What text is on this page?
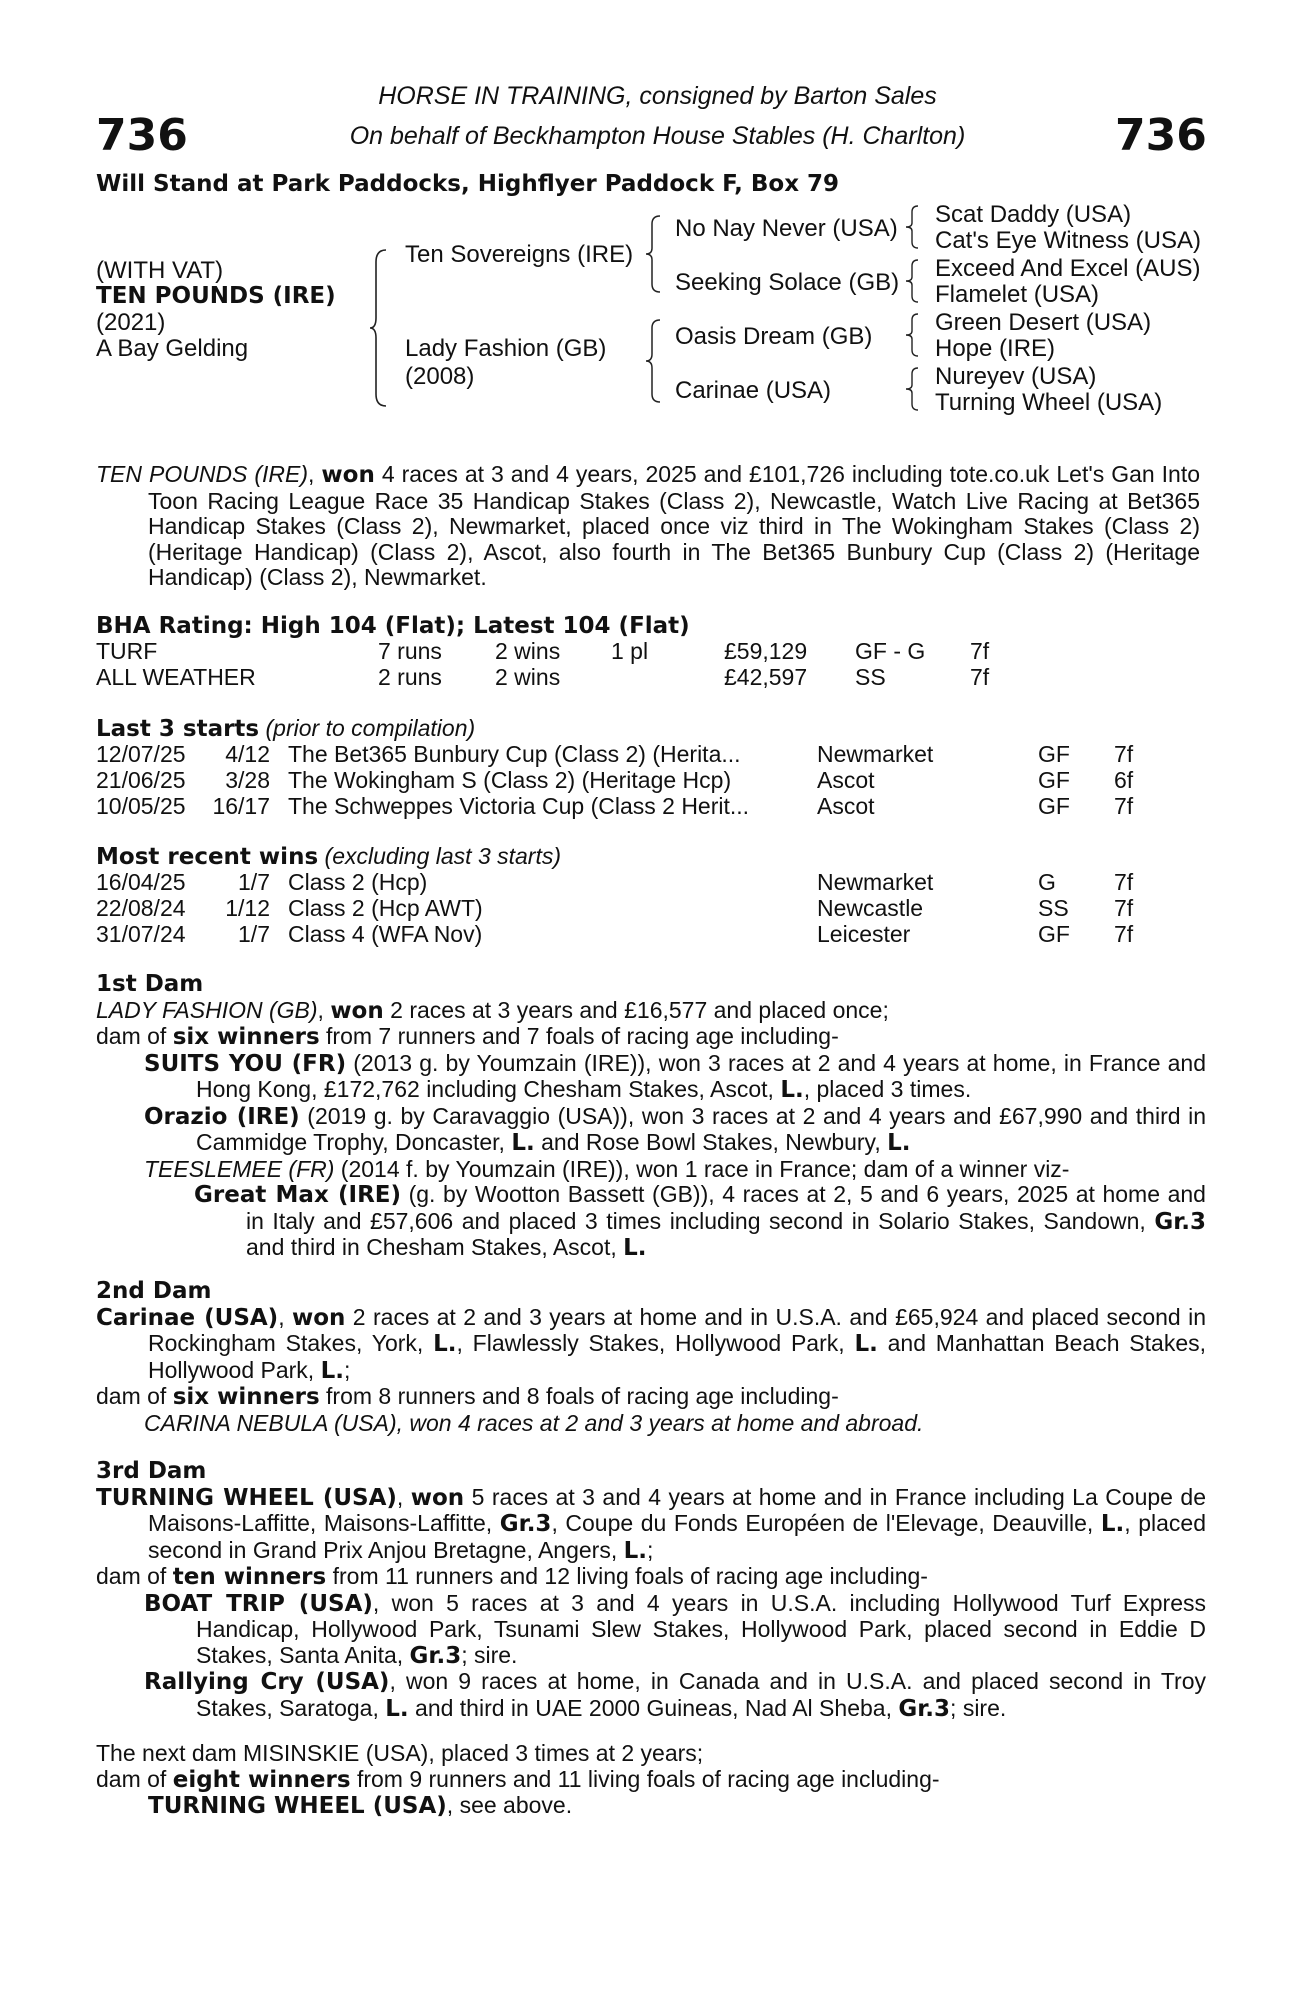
736	736
HORSE IN TRAINING, consigned by Barton Sales
On behalf of Beckhampton House Stables (H. Charlton)
Will Stand at Park Paddocks, Highflyer Paddock F, Box 79
(WITH VAT)
TEN POUNDS (IRE)
(2021)
A Bay Gelding
Ten Sovereigns (IRE)
Lady Fashion (GB)
(2008)
No Nay Never (USA)
Seeking Solace (GB)
Oasis Dream (GB)
Carinae (USA)
Scat Daddy (USA)
Cat's Eye Witness (USA)
Exceed And Excel (AUS)
Flamelet (USA)
Green Desert (USA)
Hope (IRE)
Nureyev (USA)
Turning Wheel (USA)

TEN POUNDS (IRE), won 4 races at 3 and 4 years, 2025 and £101,726 including tote.co.uk Let's Gan Into Toon Racing League Race 35 Handicap Stakes (Class 2), Newcastle, Watch Live Racing at Bet365 Handicap Stakes (Class 2), Newmarket, placed once viz third in The Wokingham Stakes (Class 2) (Heritage Handicap) (Class 2), Ascot, also fourth in The Bet365 Bunbury Cup (Class 2) (Heritage Handicap) (Class 2), Newmarket.

BHA Rating: High 104 (Flat); Latest 104 (Flat)
TURF	7 runs 2 wins 1 pl	£59,129 GF - G 7f
ALL WEATHER	2 runs 2 wins	£42,597 SS	7f
Last 3 starts (prior to compilation)
12/07/25	4/12 The Bet365 Bunbury Cup (Class 2) (Herita...	Newmarket	GF 7f
21/06/25	3/28 The Wokingham S (Class 2) (Heritage Hcp)	Ascot	GF 6f
10/05/25 16/17 The Schweppes Victoria Cup (Class 2 Herit...	Ascot	GF 7f
Most recent wins (excluding last 3 starts)
16/04/25	1/7 Class 2 (Hcp)	Newmarket	G	7f
22/08/24	1/12 Class 2 (Hcp AWT)	Newcastle	SS 7f
31/07/24	1/7 Class 4 (WFA Nov)	Leicester	GF 7f

1st Dam

LADY FASHION (GB), won 2 races at 3 years and £16,577 and placed once;

dam of six winners from 7 runners and 7 foals of racing age including-

SUITS YOU (FR) (2013 g. by Youmzain (IRE)), won 3 races at 2 and 4 years at home, in France and Hong Kong, £172,762 including Chesham Stakes, Ascot, L., placed 3 times.

Orazio (IRE) (2019 g. by Caravaggio (USA)), won 3 races at 2 and 4 years and £67,990 and third in Cammidge Trophy, Doncaster, L. and Rose Bowl Stakes, Newbury, L.

TEESLEMEE (FR) (2014 f. by Youmzain (IRE)), won 1 race in France; dam of a winner viz-

Great Max (IRE) (g. by Wootton Bassett (GB)), 4 races at 2, 5 and 6 years, 2025 at home and in Italy and £57,606 and placed 3 times including second in Solario Stakes, Sandown, Gr.3 and third in Chesham Stakes, Ascot, L.

2nd Dam

Carinae (USA), won 2 races at 2 and 3 years at home and in U.S.A. and £65,924 and placed second in Rockingham Stakes, York, L., Flawlessly Stakes, Hollywood Park, L. and Manhattan Beach Stakes, Hollywood Park, L.;

dam of six winners from 8 runners and 8 foals of racing age including-

CARINA NEBULA (USA), won 4 races at 2 and 3 years at home and abroad.

3rd Dam

TURNING WHEEL (USA), won 5 races at 3 and 4 years at home and in France including La Coupe de Maisons-Laffitte, Maisons-Laffitte, Gr.3, Coupe du Fonds Européen de l'Elevage, Deauville, L., placed second in Grand Prix Anjou Bretagne, Angers, L.;

dam of ten winners from 11 runners and 12 living foals of racing age including-

BOAT TRIP (USA), won 5 races at 3 and 4 years in U.S.A. including Hollywood Turf Express Handicap, Hollywood Park, Tsunami Slew Stakes, Hollywood Park, placed second in Eddie D Stakes, Santa Anita, Gr.3; sire.

Rallying Cry (USA), won 9 races at home, in Canada and in U.S.A. and placed second in Troy Stakes, Saratoga, L. and third in UAE 2000 Guineas, Nad Al Sheba, Gr.3; sire.

The next dam MISINSKIE (USA), placed 3 times at 2 years;

dam of eight winners from 9 runners and 11 living foals of racing age including-

TURNING WHEEL (USA), see above.
